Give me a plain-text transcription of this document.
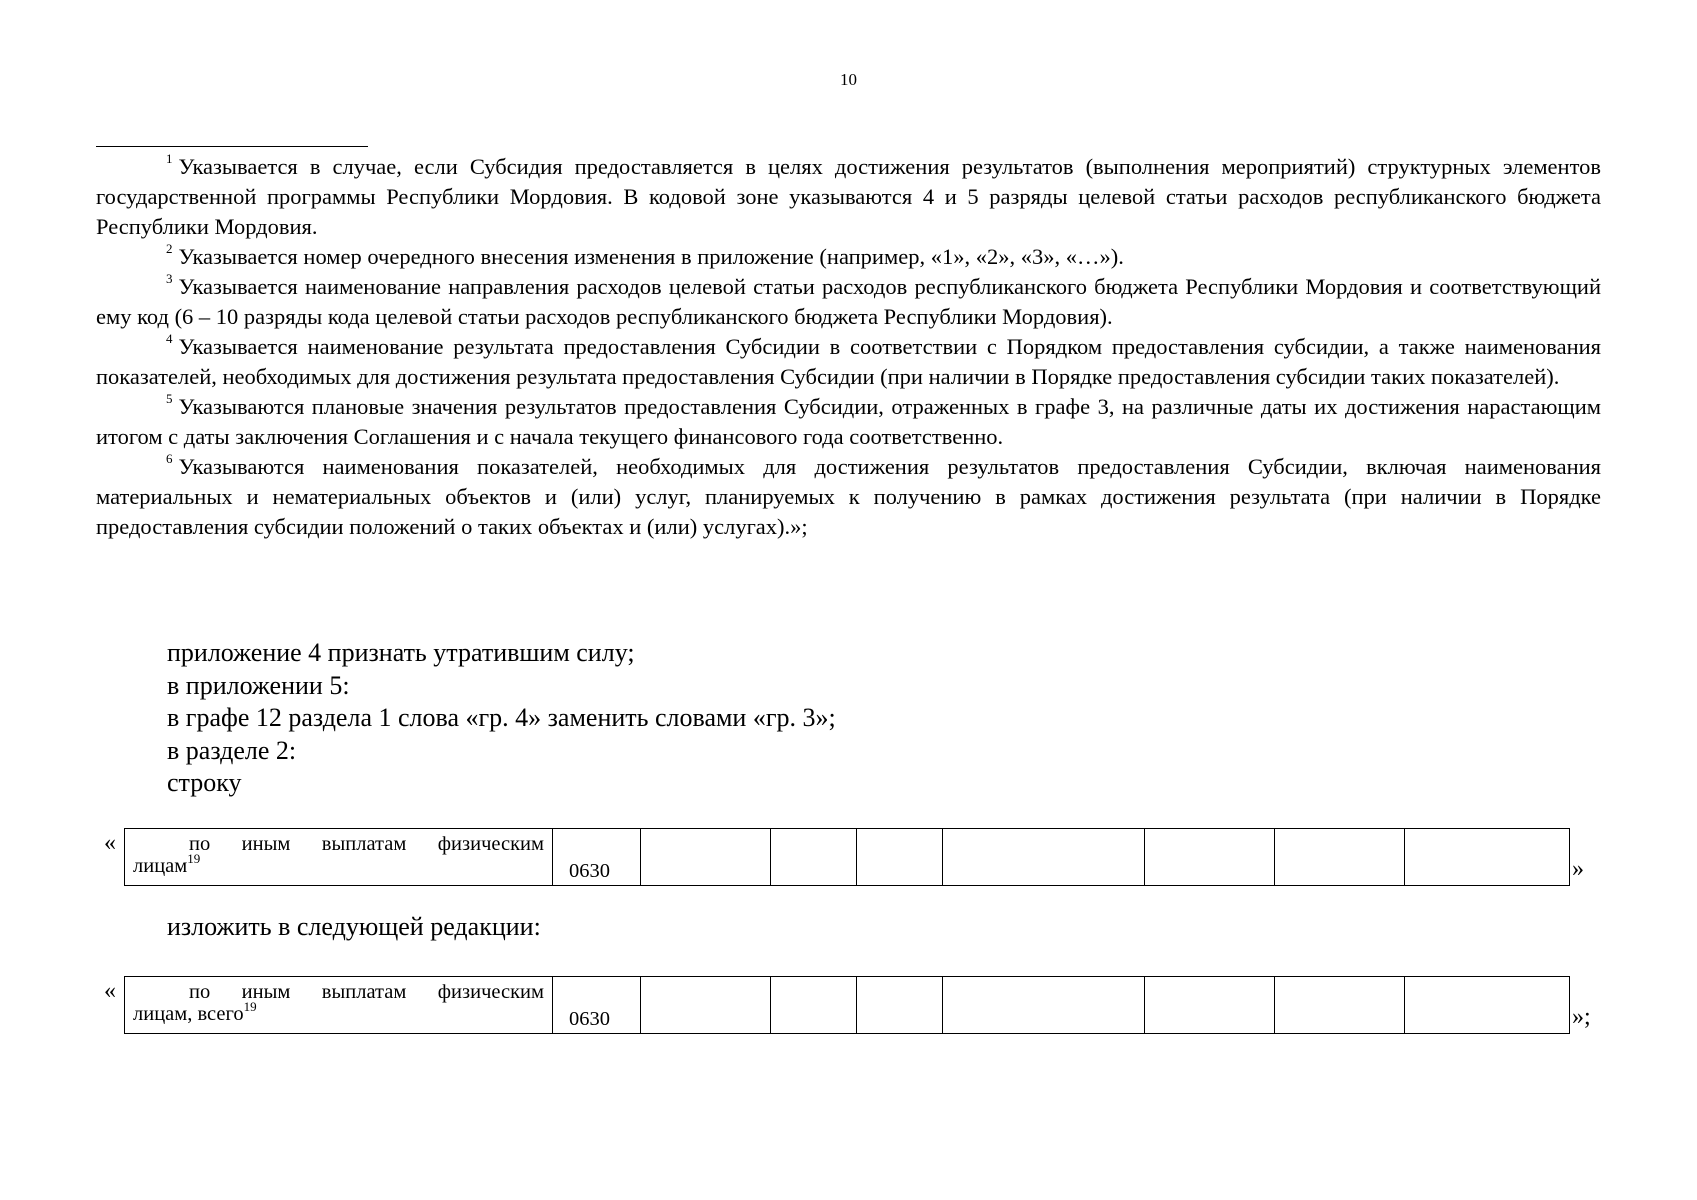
10

$^1$ Указывается в случае, если Субсидия предоставляется в целях достижения результатов (выполнения мероприятий) структурных элементов государственной программы Республики Мордовия. В кодовой зоне указываются 4 и 5 разряды целевой статьи расходов республиканского бюджета Республики Мордовия.

$^2$ Указывается номер очередного внесения изменения в приложение (например, «1», «2», «3», «…»).

$^3$ Указывается наименование направления расходов целевой статьи расходов республиканского бюджета Республики Мордовия и соответствующий ему код (6 – 10 разряды кода целевой статьи расходов республиканского бюджета Республики Мордовия).

$^4$ Указывается наименование результата предоставления Субсидии в соответствии с Порядком предоставления субсидии, а также наименования показателей, необходимых для достижения результата предоставления Субсидии (при наличии в Порядке предоставления субсидии таких показателей).

$^5$ Указываются плановые значения результатов предоставления Субсидии, отраженных в графе 3, на различные даты их достижения нарастающим итогом с даты заключения Соглашения и с начала текущего финансового года соответственно.

$^6$ Указываются наименования показателей, необходимых для достижения результатов предоставления Субсидии, включая наименования материальных и нематериальных объектов и (или) услуг, планируемых к получению в рамках достижения результата (при наличии в Порядке предоставления субсидии положений о таких объектах и (или) услугах).»;

приложение 4 признать утратившим силу;
в приложении 5:
в графе 12 раздела 1 слова «гр. 4» заменить словами «гр. 3»;
в разделе 2:
строку
«	по иным выплатам физическим
лицам$^{19}$
	0630								»
изложить в следующей редакции:
«	по иным выплатам физическим
лицам, всего$^{19}$
	0630								»;
